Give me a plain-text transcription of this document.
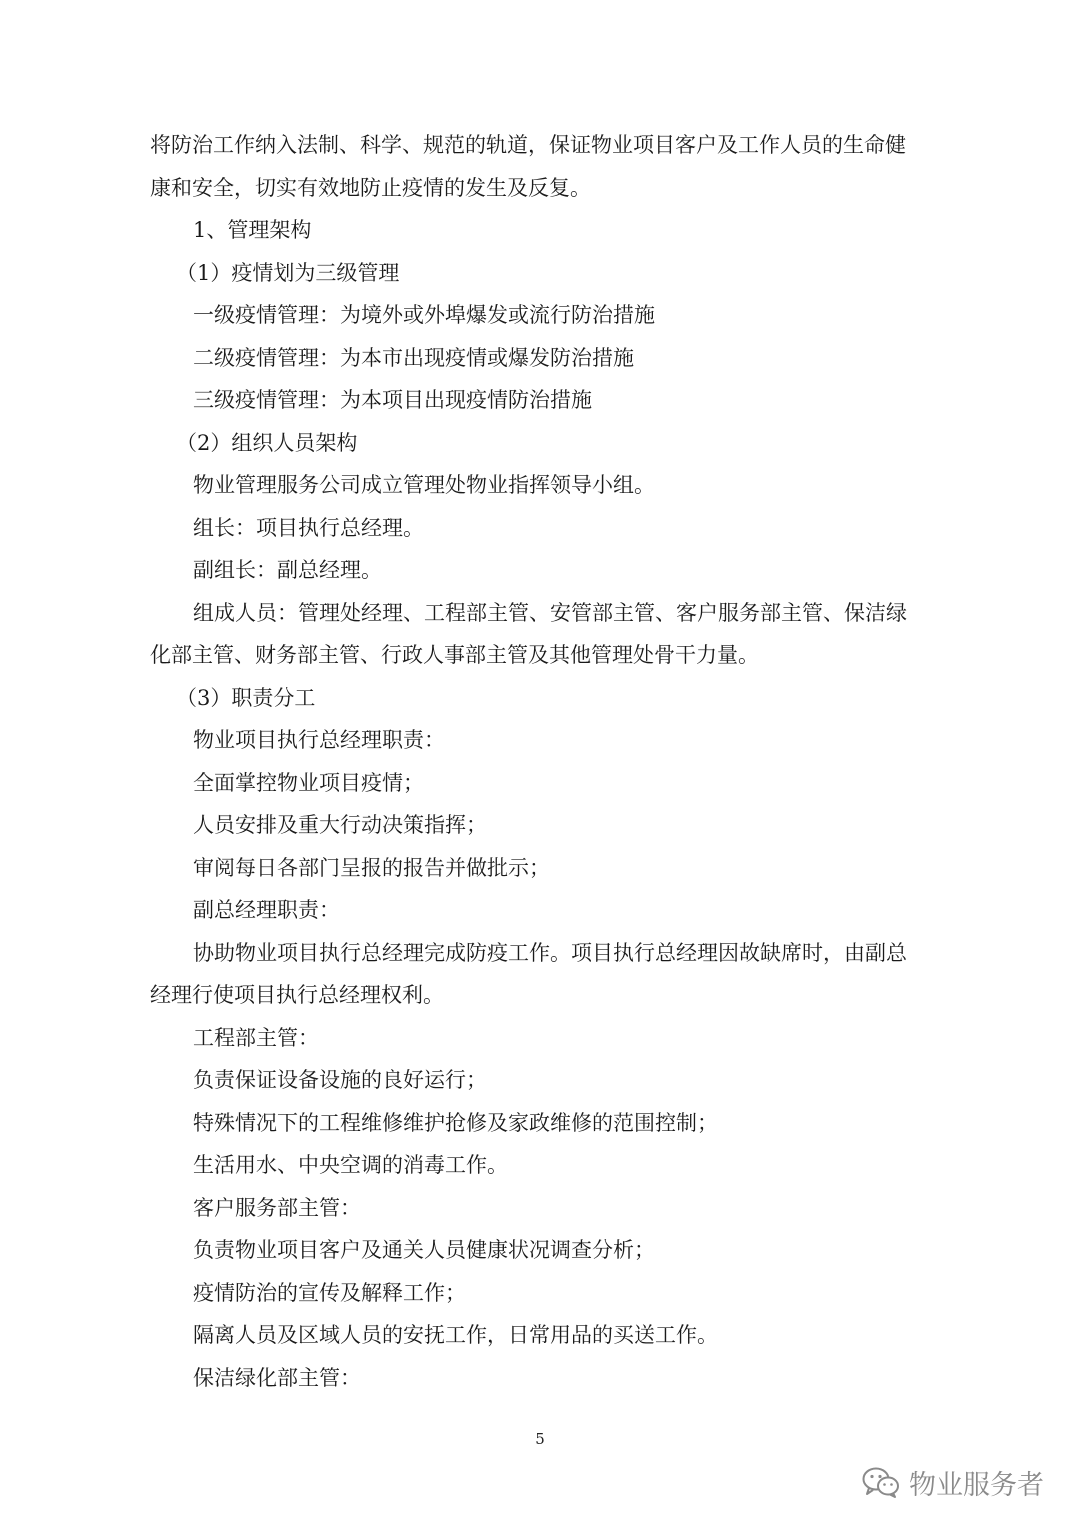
将防治工作纳入法制、科学、规范的轨道，保证物业项目客户及工作人员的生命健
康和安全，切实有效地防止疫情的发生及反复。
1、管理架构
（1）疫情划为三级管理
一级疫情管理：为境外或外埠爆发或流行防治措施
二级疫情管理：为本市出现疫情或爆发防治措施
三级疫情管理：为本项目出现疫情防治措施
（2）组织人员架构
物业管理服务公司成立管理处物业指挥领导小组。
组长：项目执行总经理。
副组长：副总经理。
组成人员：管理处经理、工程部主管、安管部主管、客户服务部主管、保洁绿
化部主管、财务部主管、行政人事部主管及其他管理处骨干力量。
（3）职责分工
物业项目执行总经理职责：
全面掌控物业项目疫情；
人员安排及重大行动决策指挥；
审阅每日各部门呈报的报告并做批示；
副总经理职责：
协助物业项目执行总经理完成防疫工作。项目执行总经理因故缺席时，由副总
经理行使项目执行总经理权利。
工程部主管：
负责保证设备设施的良好运行；
特殊情况下的工程维修维护抢修及家政维修的范围控制；
生活用水、中央空调的消毒工作。
客户服务部主管：
负责物业项目客户及通关人员健康状况调查分析；
疫情防治的宣传及解释工作；
隔离人员及区域人员的安抚工作，日常用品的买送工作。
保洁绿化部主管：
5
物业服务者
